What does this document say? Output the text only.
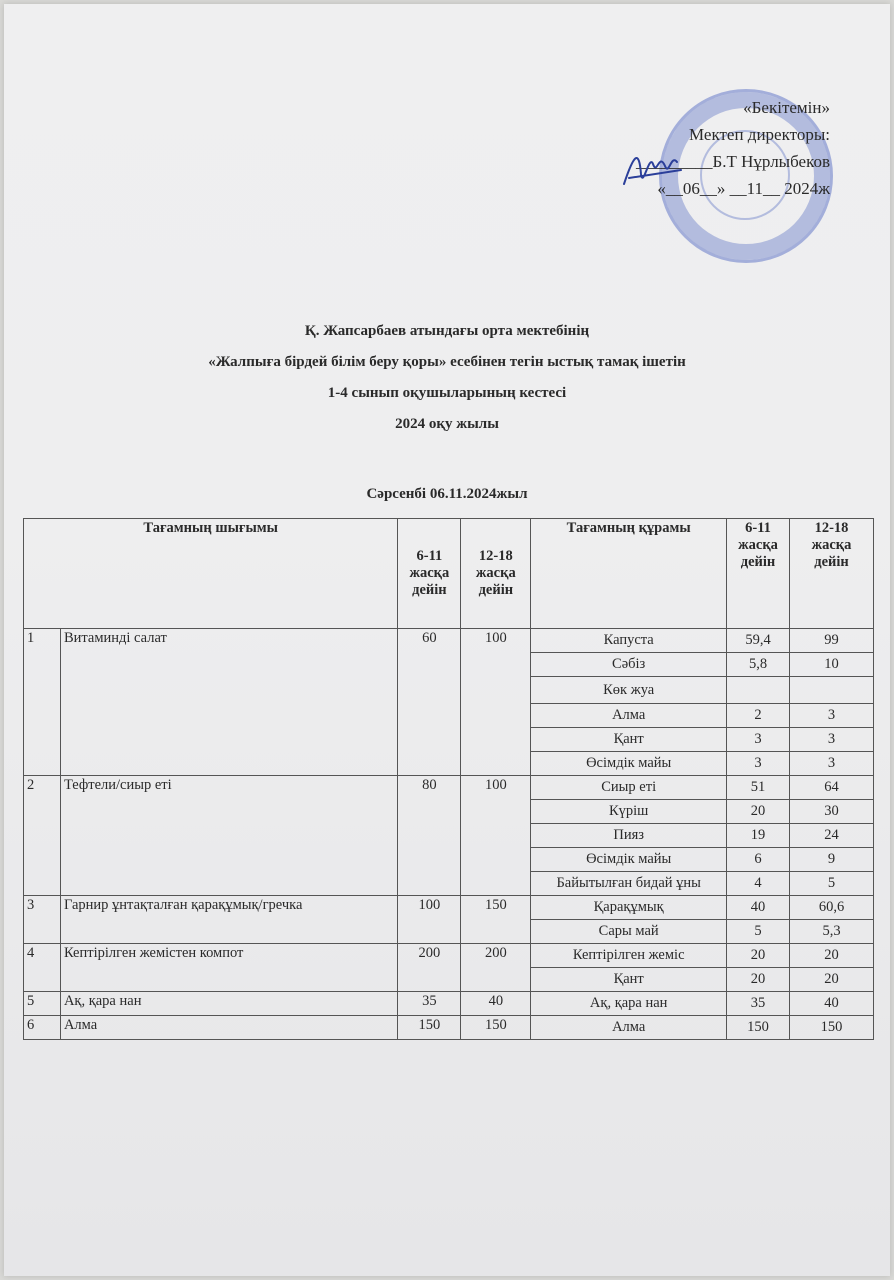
«Бекітемін»
Мектеп директоры:
_________Б.Т Нұрлыбеков
«__06__» __11__ 2024ж
Қ. Жапсарбаев атындағы орта мектебінің
«Жалпыға бірдей білім беру қоры» есебінен тегін ыстық тамақ ішетін
1-4 сынып оқушыларының кестесі
2024 оқу жылы
Сәрсенбі 06.11.2024жыл
Тағамның шығымы		6-11 жасқа дейін	12-18 жасқа дейін	Тағамның құрамы	6-11 жасқа дейін	12-18 жасқа дейін
1	Витаминді салат	60	100	Капуста	59,4	99
				Сәбіз	5,8	10
				Көк жуа		
				Алма	2	3
				Қант	3	3
				Өсімдік майы	3	3
2	Тефтели/сиыр еті	80	100	Сиыр еті	51	64
				Күріш	20	30
				Пияз	19	24
				Өсімдік майы	6	9
				Байытылған бидай ұны	4	5
3	Гарнир ұнтақталған қарақұмық/гречка	100	150	Қарақұмық	40	60,6
				Сары май	5	5,3
4	Кептірілген жемістен компот	200	200	Кептірілген жеміс	20	20
				Қант	20	20
5	Ақ, қара нан	35	40	Ақ, қара нан	35	40
6	Алма	150	150	Алма	150	150
